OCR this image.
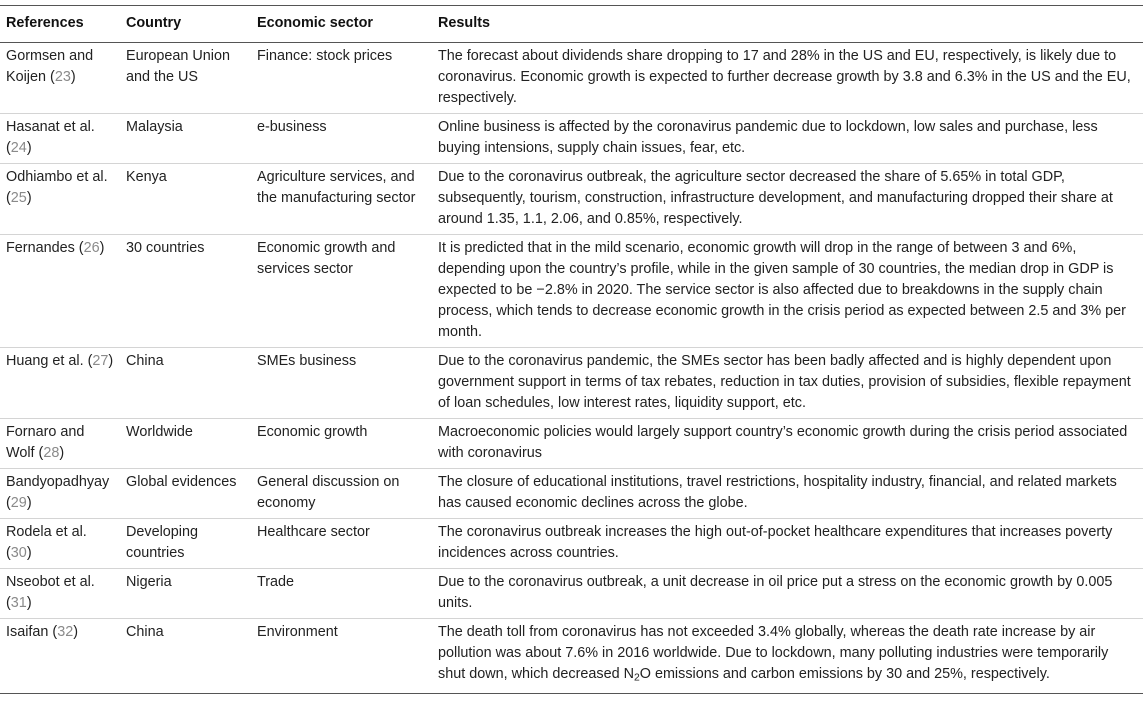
References	Country	Economic sector	Results
Gormsen and Koijen (23)	European Union and the US	Finance: stock prices	The forecast about dividends share dropping to 17 and 28% in the US and EU, respectively, is likely due to coronavirus. Economic growth is expected to further decrease growth by 3.8 and 6.3% in the US and the EU, respectively.
Hasanat et al. (24)	Malaysia	e-business	Online business is affected by the coronavirus pandemic due to lockdown, low sales and purchase, less buying intensions, supply chain issues, fear, etc.
Odhiambo et al. (25)	Kenya	Agriculture services, and the manufacturing sector	Due to the coronavirus outbreak, the agriculture sector decreased the share of 5.65% in total GDP, subsequently, tourism, construction, infrastructure development, and manufacturing dropped their share at around 1.35, 1.1, 2.06, and 0.85%, respectively.
Fernandes (26)	30 countries	Economic growth and services sector	It is predicted that in the mild scenario, economic growth will drop in the range of between 3 and 6%, depending upon the country’s profile, while in the given sample of 30 countries, the median drop in GDP is expected to be −2.8% in 2020. The service sector is also affected due to breakdowns in the supply chain process, which tends to decrease economic growth in the crisis period as expected between 2.5 and 3% per month.
Huang et al. (27)	China	SMEs business	Due to the coronavirus pandemic, the SMEs sector has been badly affected and is highly dependent upon government support in terms of tax rebates, reduction in tax duties, provision of subsidies, flexible repayment of loan schedules, low interest rates, liquidity support, etc.
Fornaro and Wolf (28)	Worldwide	Economic growth	Macroeconomic policies would largely support country’s economic growth during the crisis period associated with coronavirus
Bandyopadhyay (29)	Global evidences	General discussion on economy	The closure of educational institutions, travel restrictions, hospitality industry, financial, and related markets has caused economic declines across the globe.
Rodela et al. (30)	Developing countries	Healthcare sector	The coronavirus outbreak increases the high out-of-pocket healthcare expenditures that increases poverty incidences across countries.
Nseobot et al. (31)	Nigeria	Trade	Due to the coronavirus outbreak, a unit decrease in oil price put a stress on the economic growth by 0.005 units.
Isaifan (32)	China	Environment	The death toll from coronavirus has not exceeded 3.4% globally, whereas the death rate increase by air pollution was about 7.6% in 2016 worldwide. Due to lockdown, many polluting industries were temporarily shut down, which decreased $N_2O$ emissions and carbon emissions by 30 and 25%, respectively.
